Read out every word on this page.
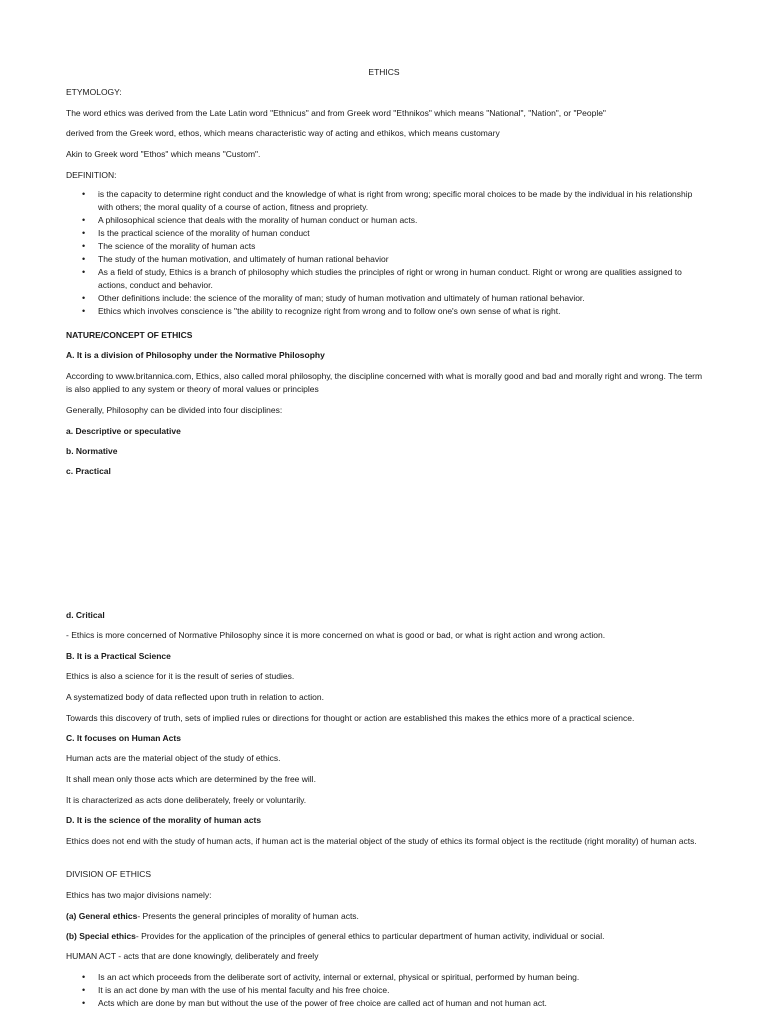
ETHICS

ETYMOLOGY:

The word ethics was derived from the Late Latin word "Ethnicus" and from Greek word "Ethnikos" which means "National", "Nation", or "People"

derived from the Greek word, ethos, which means characteristic way of acting and ethikos, which means customary

Akin to Greek word "Ethos" which means "Custom".

DEFINITION:

• is the capacity to determine right conduct and the knowledge of what is right from wrong; specific moral choices to be made by the individual in his relationship with others; the moral quality of a course of action, fitness and propriety.
• A philosophical science that deals with the morality of human conduct or human acts.
• Is the practical science of the morality of human conduct
• The science of the morality of human acts
• The study of the human motivation, and ultimately of human rational behavior
• As a field of study, Ethics is a branch of philosophy which studies the principles of right or wrong in human conduct. Right or wrong are qualities assigned to actions, conduct and behavior.
• Other definitions include: the science of the morality of man; study of human motivation and ultimately of human rational behavior.
• Ethics which involves conscience is "the ability to recognize right from wrong and to follow one's own sense of what is right.

NATURE/CONCEPT OF ETHICS

A. It is a division of Philosophy under the Normative Philosophy

According to www.britannica.com, Ethics, also called moral philosophy, the discipline concerned with what is morally good and bad and morally right and wrong. The term is also applied to any system or theory of moral values or principles

Generally, Philosophy can be divided into four disciplines:

a. Descriptive or speculative

b. Normative

c. Practical

d. Critical

- Ethics is more concerned of Normative Philosophy since it is more concerned on what is good or bad, or what is right action and wrong action.

B. It is a Practical Science

Ethics is also a science for it is the result of series of studies.

A systematized body of data reflected upon truth in relation to action.

Towards this discovery of truth, sets of implied rules or directions for thought or action are established this makes the ethics more of a practical science.

C. It focuses on Human Acts

Human acts are the material object of the study of ethics.

It shall mean only those acts which are determined by the free will.

It is characterized as acts done deliberately, freely or voluntarily.

D. It is the science of the morality of human acts

Ethics does not end with the study of human acts, if human act is the material object of the study of ethics its formal object is the rectitude (right morality) of human acts.

DIVISION OF ETHICS

Ethics has two major divisions namely:

(a) General ethics- Presents the general principles of morality of human acts.

(b) Special ethics- Provides for the application of the principles of general ethics to particular department of human activity, individual or social.

HUMAN ACT - acts that are done knowingly, deliberately and freely

• Is an act which proceeds from the deliberate sort of activity, internal or external, physical or spiritual, performed by human being.
• It is an act done by man with the use of his mental faculty and his free choice.
• Acts which are done by man but without the use of the power of free choice are called act of human and not human act.
